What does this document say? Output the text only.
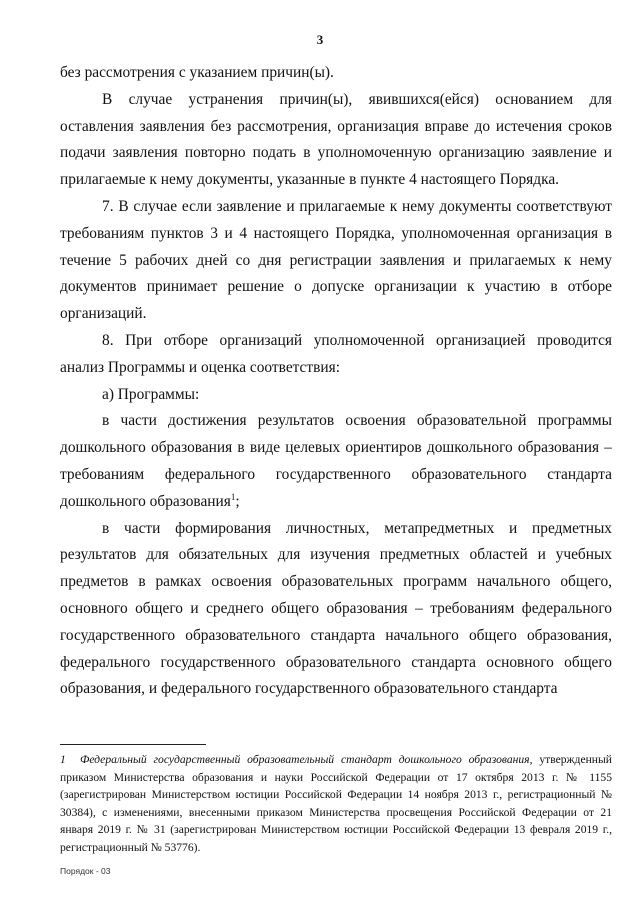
3

без рассмотрения с указанием причин(ы).

В случае устранения причин(ы), явившихся(ейся) основанием для оставления заявления без рассмотрения, организация вправе до истечения сроков подачи заявления повторно подать в уполномоченную организацию заявление и прилагаемые к нему документы, указанные в пункте 4 настоящего Порядка.

7. В случае если заявление и прилагаемые к нему документы соответствуют требованиям пунктов 3 и 4 настоящего Порядка, уполномоченная организация в течение 5 рабочих дней со дня регистрации заявления и прилагаемых к нему документов принимает решение о допуске организации к участию в отборе организаций.

8. При отборе организаций уполномоченной организацией проводится анализ Программы и оценка соответствия:

а) Программы:

в части достижения результатов освоения образовательной программы дошкольного образования в виде целевых ориентиров дошкольного образования – требованиям федерального государственного образовательного стандарта дошкольного образования$^1$;

в части формирования личностных, метапредметных и предметных результатов для обязательных для изучения предметных областей и учебных предметов в рамках освоения образовательных программ начального общего, основного общего и среднего общего образования – требованиям федерального государственного образовательного стандарта начального общего образования, федерального государственного образовательного стандарта основного общего образования, и федерального государственного образовательного стандарта

1 Федеральный государственный образовательный стандарт дошкольного образования, утвержденный приказом Министерства образования и науки Российской Федерации от 17 октября 2013 г. № 1155 (зарегистрирован Министерством юстиции Российской Федерации 14 ноября 2013 г., регистрационный № 30384), с изменениями, внесенными приказом Министерства просвещения Российской Федерации от 21 января 2019 г. № 31 (зарегистрирован Министерством юстиции Российской Федерации 13 февраля 2019 г., регистрационный № 53776).
Порядок - 03
